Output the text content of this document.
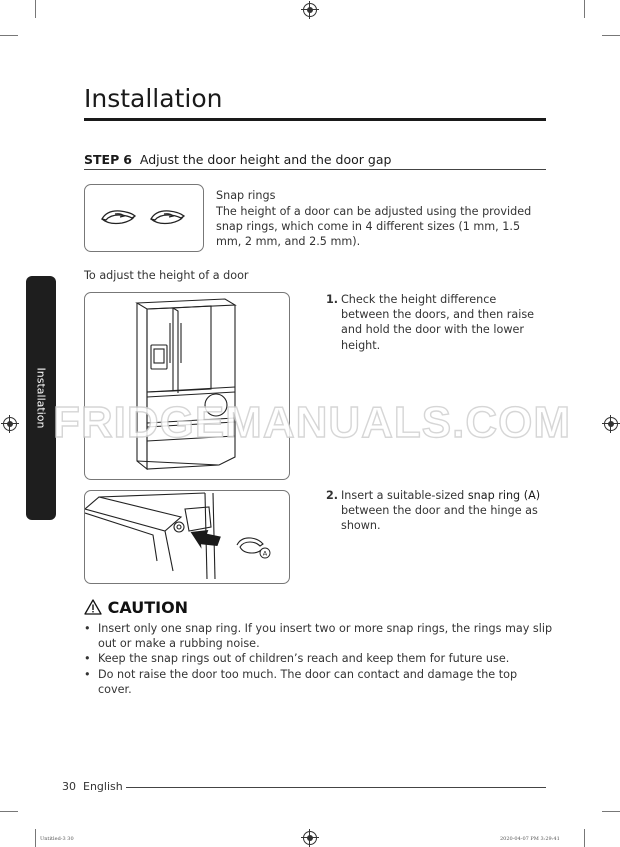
Installation
STEP 6 Adjust the door height and the door gap
Installation
Snap rings
The height of a door can be adjusted using the provided snap rings, which come in 4 different sizes (1 mm, 1.5 mm, 2 mm, and 2.5 mm).
To adjust the height of a door
1. Check the height difference between the doors, and then raise and hold the door with the lower height.
A
2. Insert a suitable-sized snap ring (A) between the door and the hinge as shown.
FRIDGEMANUALS.COM
CAUTION
• Insert only one snap ring. If you insert two or more snap rings, the rings may slip out or make a rubbing noise.
• Keep the snap rings out of children’s reach and keep them for future use.
• Do not raise the door too much. The door can contact and damage the top cover.
30 English
Untitled-3 30	2020-04-07 PM 3:29:41
